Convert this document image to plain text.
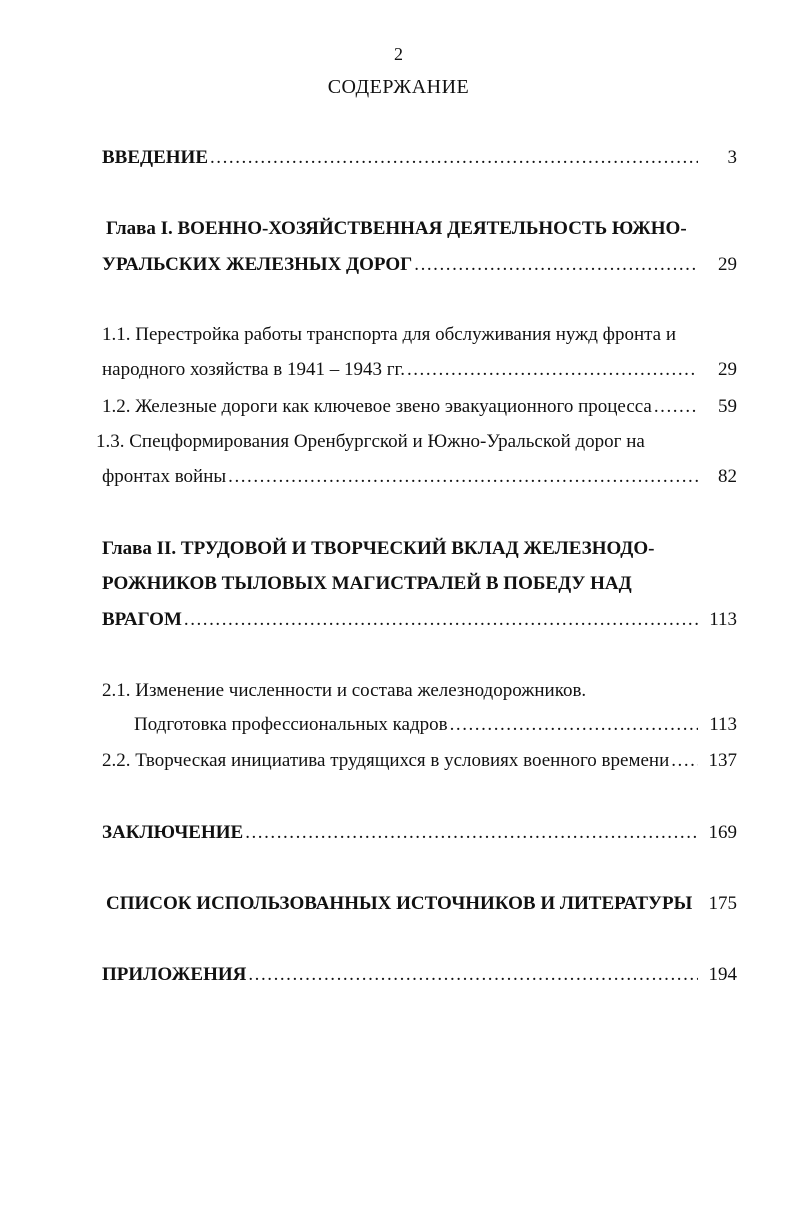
2
СОДЕРЖАНИЕ
ВВЕДЕНИЕ . . .	3
Глава I. ВОЕННО-ХОЗЯЙСТВЕННАЯ ДЕЯТЕЛЬНОСТЬ ЮЖНО-
УРАЛЬСКИХ ЖЕЛЕЗНЫХ ДОРОГ . . .	29
1.1. Перестройка работы транспорта для обслуживания нужд фронта и
народного хозяйства в 1941 – 1943 гг. . . .	29
1.2. Железные дороги как ключевое звено эвакуационного процесса . . .	59
1.3. Спецформирования Оренбургской и Южно-Уральской дорог на
фронтах войны . . .	82
Глава II. ТРУДОВОЙ И ТВОРЧЕСКИЙ ВКЛАД ЖЕЛЕЗНОДО-
РОЖНИКОВ ТЫЛОВЫХ МАГИСТРАЛЕЙ В ПОБЕДУ НАД
ВРАГОМ . . .	113
2.1. Изменение численности и состава железнодорожников.
Подготовка профессиональных кадров . . .	113
2.2. Творческая инициатива трудящихся в условиях военного времени . . .	137
ЗАКЛЮЧЕНИЕ . . .	169
СПИСОК ИСПОЛЬЗОВАННЫХ ИСТОЧНИКОВ И ЛИТЕРАТУРЫ 175
ПРИЛОЖЕНИЯ . . .	194
